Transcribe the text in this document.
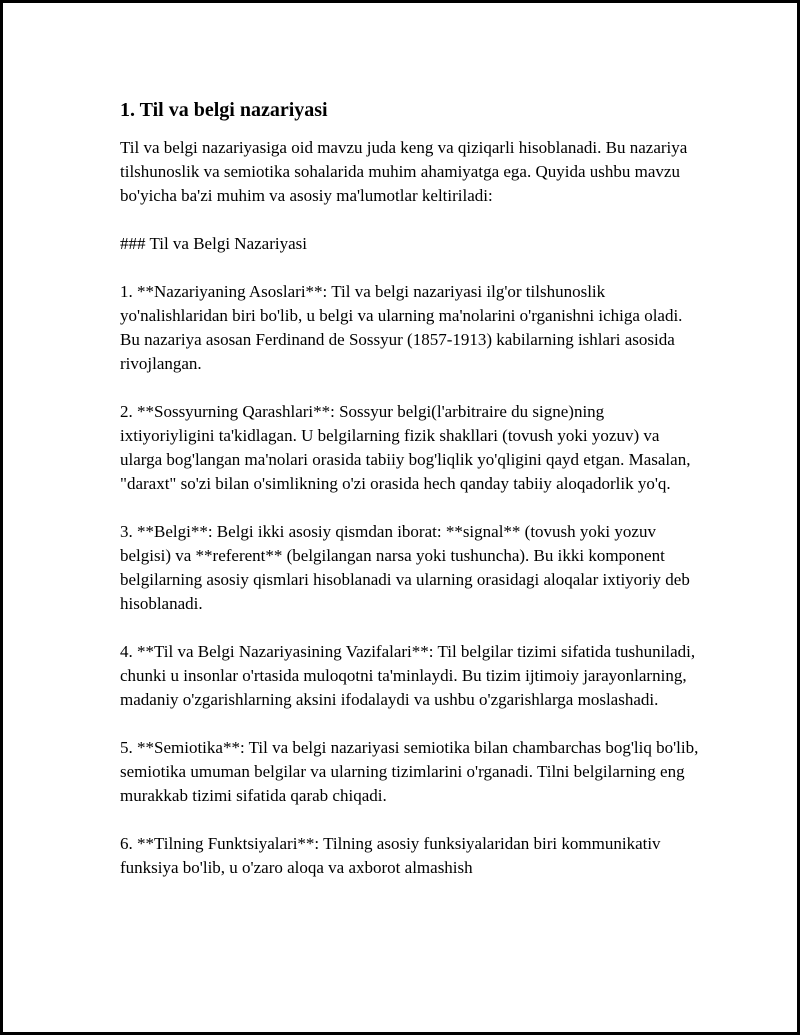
1. Til va belgi nazariyasi
Til va belgi nazariyasiga oid mavzu juda keng va qiziqarli hisoblanadi. Bu nazariya tilshunoslik va semiotika sohalarida muhim ahamiyatga ega. Quyida ushbu mavzu bo'yicha ba'zi muhim va asosiy ma'lumotlar keltiriladi:
### Til va Belgi Nazariyasi
1. **Nazariyaning Asoslari**: Til va belgi nazariyasi ilg'or tilshunoslik yo'nalishlaridan biri bo'lib, u belgi va ularning ma'nolarini o'rganishni ichiga oladi. Bu nazariya asosan Ferdinand de Sossyur (1857-1913) kabilarning ishlari asosida rivojlangan.
2. **Sossyurning Qarashlari**: Sossyur belgi(l'arbitraire du signe)ning ixtiyoriyligini ta'kidlagan. U belgilarning fizik shakllari (tovush yoki yozuv) va ularga bog'langan ma'nolari orasida tabiiy bog'liqlik yo'qligini qayd etgan. Masalan, "daraxt" so'zi bilan o'simlikning o'zi orasida hech qanday tabiiy aloqadorlik yo'q.
3. **Belgi**: Belgi ikki asosiy qismdan iborat: **signal** (tovush yoki yozuv belgisi) va **referent** (belgilangan narsa yoki tushuncha). Bu ikki komponent belgilarning asosiy qismlari hisoblanadi va ularning orasidagi aloqalar ixtiyoriy deb hisoblanadi.
4. **Til va Belgi Nazariyasining Vazifalari**: Til belgilar tizimi sifatida tushuniladi, chunki u insonlar o'rtasida muloqotni ta'minlaydi. Bu tizim ijtimoiy jarayonlarning, madaniy o'zgarishlarning aksini ifodalaydi va ushbu o'zgarishlarga moslashadi.
5. **Semiotika**: Til va belgi nazariyasi semiotika bilan chambarchas bog'liq bo'lib, semiotika umuman belgilar va ularning tizimlarini o'rganadi. Tilni belgilarning eng murakkab tizimi sifatida qarab chiqadi.
6. **Tilning Funktsiyalari**: Tilning asosiy funksiyalaridan biri kommunikativ funksiya bo'lib, u o'zaro aloqa va axborot almashish
